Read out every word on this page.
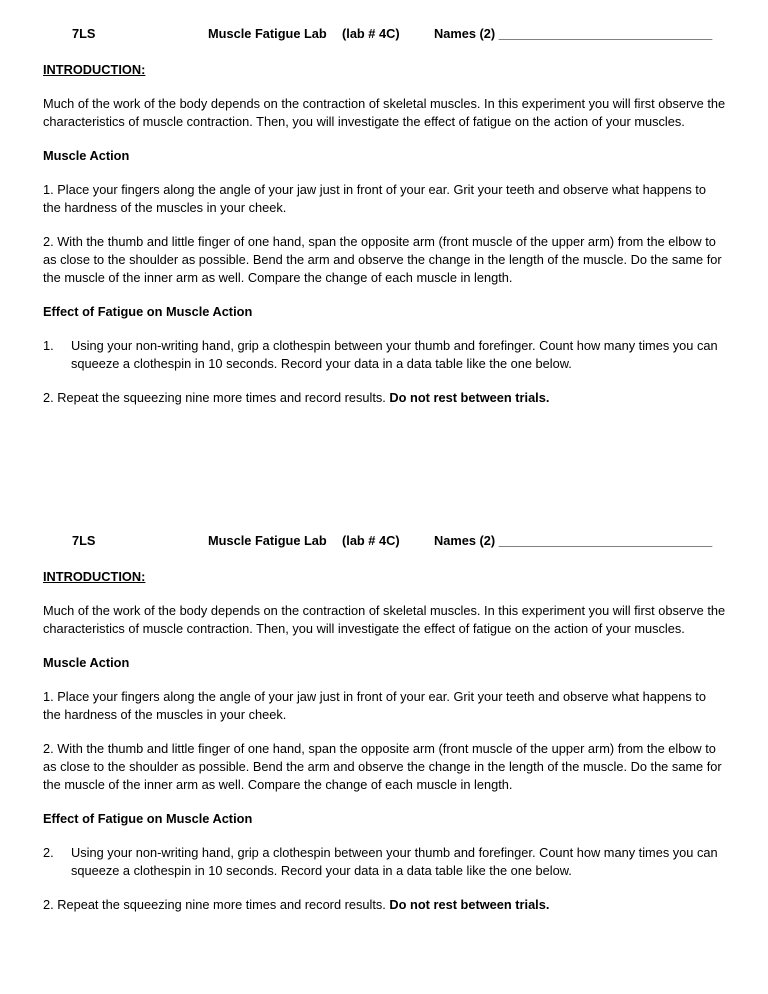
7LS	Muscle Fatigue Lab	(lab # 4C)	Names (2) ______________________________
INTRODUCTION:

Much of the work of the body depends on the contraction of skeletal muscles. In this experiment you will first observe the characteristics of muscle contraction. Then, you will investigate the effect of fatigue on the action of your muscles.

Muscle Action

1. Place your fingers along the angle of your jaw just in front of your ear. Grit your teeth and observe what happens to the hardness of the muscles in your cheek.

2. With the thumb and little finger of one hand, span the opposite arm (front muscle of the upper arm) from the elbow to as close to the shoulder as possible. Bend the arm and observe the change in the length of the muscle. Do the same for the muscle of the inner arm as well. Compare the change of each muscle in length.

Effect of Fatigue on Muscle Action
1.	Using your non-writing hand, grip a clothespin between your thumb and forefinger. Count how many times you can squeeze a clothespin in 10 seconds. Record your data in a data table like the one below.

2. Repeat the squeezing nine more times and record results. Do not rest between trials.

7LS	Muscle Fatigue Lab	(lab # 4C)	Names (2) ______________________________
INTRODUCTION:

Much of the work of the body depends on the contraction of skeletal muscles. In this experiment you will first observe the characteristics of muscle contraction. Then, you will investigate the effect of fatigue on the action of your muscles.

Muscle Action

1. Place your fingers along the angle of your jaw just in front of your ear. Grit your teeth and observe what happens to the hardness of the muscles in your cheek.

2. With the thumb and little finger of one hand, span the opposite arm (front muscle of the upper arm) from the elbow to as close to the shoulder as possible. Bend the arm and observe the change in the length of the muscle. Do the same for the muscle of the inner arm as well. Compare the change of each muscle in length.

Effect of Fatigue on Muscle Action
2.	Using your non-writing hand, grip a clothespin between your thumb and forefinger. Count how many times you can squeeze a clothespin in 10 seconds. Record your data in a data table like the one below.

2. Repeat the squeezing nine more times and record results. Do not rest between trials.
